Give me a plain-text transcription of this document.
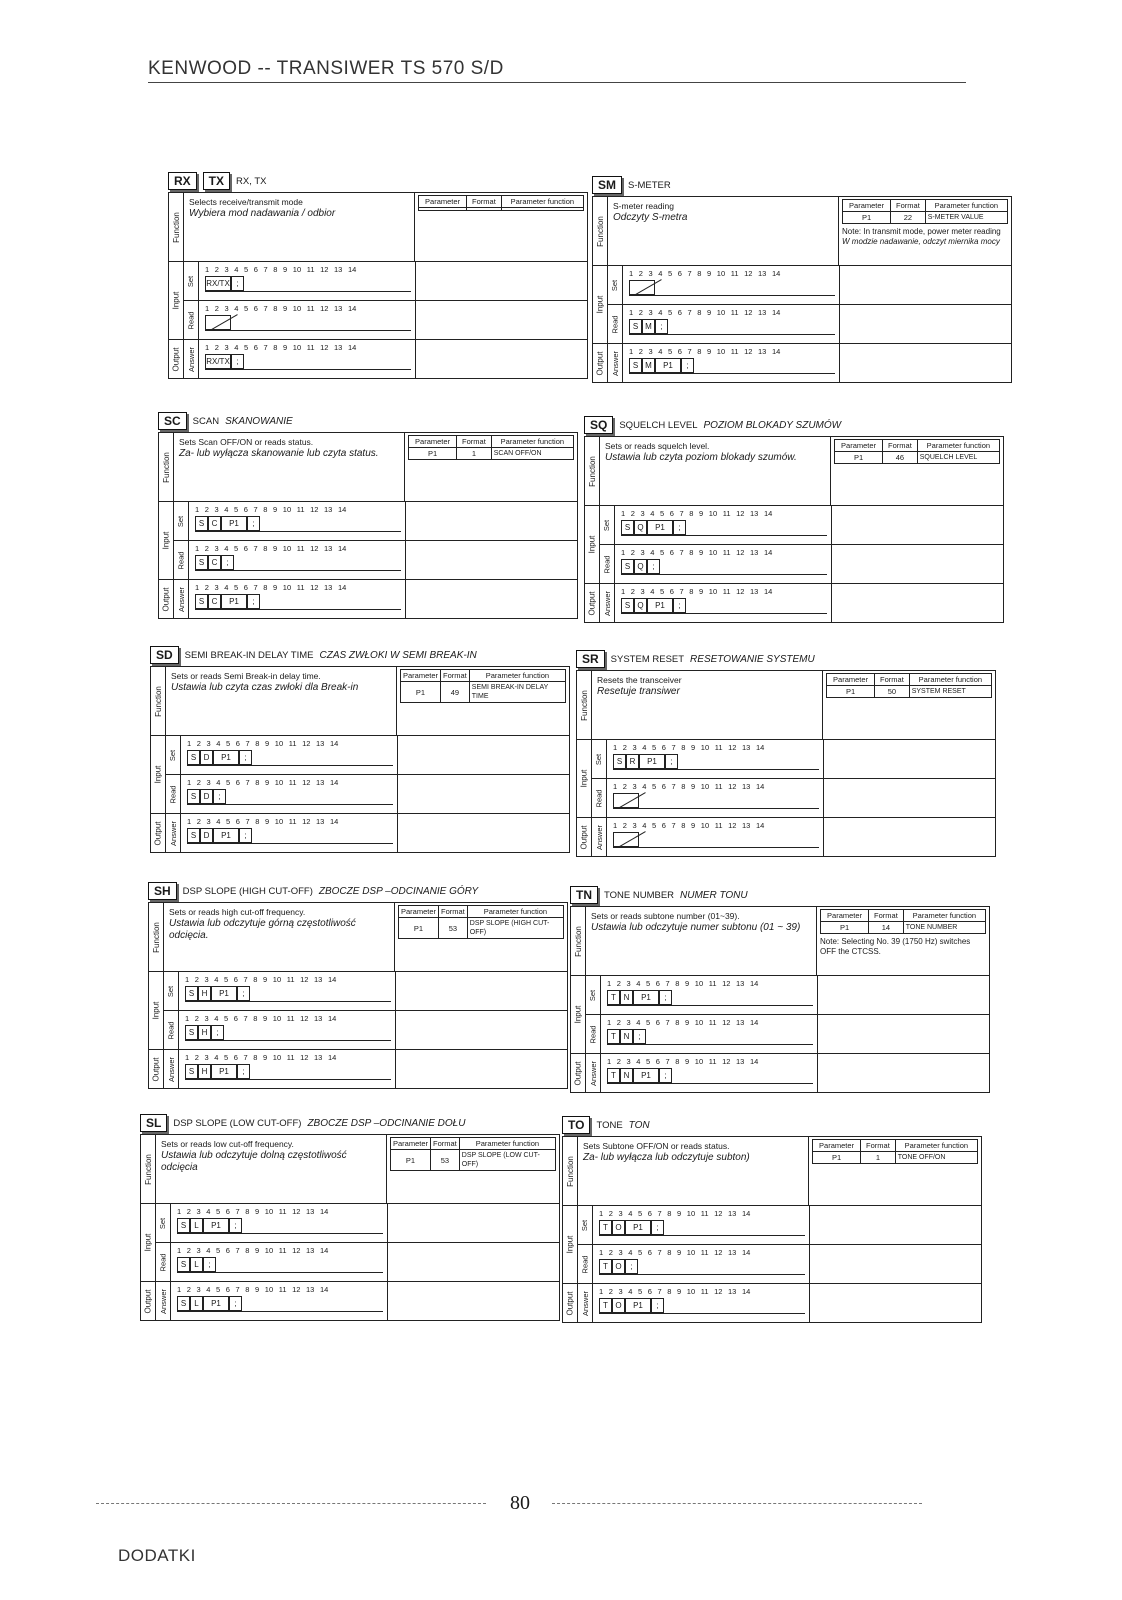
KENWOOD -- TRANSIWER TS 570 S/D
RX	TX	RX, TX
Function
Selects receive/transmit mode
Wybiera mod nadawania / odbior
Parameter	Format	Parameter function

Input
Set
1 2 3 4 5 6 7 8 9 10 11 12 13 14
RX/TX ;
Read
1 2 3 4 5 6 7 8 9 10 11 12 13 14
Output Answer 1 2 3 4 5 6 7 8 9 10 11 12 13 14
RX/TX ;
SM	S-METER
Function
S-meter reading
Odczyty S-metra
Parameter	Format	Parameter function
P1	22	S-METER VALUE
Note: In transmit mode, power meter reading
W modzie nadawanie, odczyt miernika mocy
Input
Set
1 2 3 4 5 6 7 8 9 10 11 12 13 14
Read
1 2 3 4 5 6 7 8 9 10 11 12 13 14
S M	;
Output Answer 1 2 3 4 5 6 7 8 9 10 11 12 13 14
S M	P1	;
SC	SCAN SKANOWANIE
Function
Sets Scan OFF/ON or reads status.
Za- lub wyłącza skanowanie lub czyta status.
Parameter	Format	Parameter function
P1	1	SCAN OFF/ON
Input
Set
1 2 3 4 5 6 7 8 9 10 11 12 13 14
S C	P1	;
Read
1 2 3 4 5 6 7 8 9 10 11 12 13 14
S C	;
Output Answer 1 2 3 4 5 6 7 8 9 10 11 12 13 14
S C	P1	;
SQ	SQUELCH LEVEL POZIOM BLOKADY SZUMÓW
Function
Sets or reads squelch level.
Ustawia lub czyta poziom blokady szumów.
Parameter	Format	Parameter function
P1	46	SQUELCH LEVEL
Input
Set
1 2 3 4 5 6 7 8 9 10 11 12 13 14
S Q	P1	;
Read
1 2 3 4 5 6 7 8 9 10 11 12 13 14
S Q	;
Output Answer 1 2 3 4 5 6 7 8 9 10 11 12 13 14
S Q	P1	;
SD	SEMI BREAK-IN DELAY TIME CZAS ZWŁOKI W SEMI BREAK-IN
Function
Sets or reads Semi Break-in delay time.
Ustawia lub czyta czas zwłoki dla Break-in
Parameter	Format	Parameter function
P1	49	SEMI BREAK-IN DELAY TIME
Input
Set
1 2 3 4 5 6 7 8 9 10 11 12 13 14
S D	P1	;
Read
1 2 3 4 5 6 7 8 9 10 11 12 13 14
S D	;
Output Answer 1 2 3 4 5 6 7 8 9 10 11 12 13 14
S D	P1	;
SR	SYSTEM RESET RESETOWANIE SYSTEMU
Function
Resets the transceiver
Resetuje transiwer
Parameter	Format	Parameter function
P1	50	SYSTEM RESET
Input
Set
1 2 3 4 5 6 7 8 9 10 11 12 13 14
S R	P1	;
Read
1 2 3 4 5 6 7 8 9 10 11 12 13 14
Output Answer 1 2 3 4 5 6 7 8 9 10 11 12 13 14
SH	DSP SLOPE (HIGH CUT-OFF) ZBOCZE DSP –ODCINANIE GÓRY
Function
Sets or reads high cut-off frequency.
Ustawia lub odczytuje górną częstotliwość odcięcia.
Parameter	Format	Parameter function
P1	53	DSP SLOPE (HIGH CUT-OFF)
Input
Set
1 2 3 4 5 6 7 8 9 10 11 12 13 14
S H	P1	;
Read
1 2 3 4 5 6 7 8 9 10 11 12 13 14
S H	;
Output Answer 1 2 3 4 5 6 7 8 9 10 11 12 13 14
S H	P1	;
TN	TONE NUMBER NUMER TONU
Function
Sets or reads subtone number (01~39).
Ustawia lub odczytuje numer subtonu (01 ~ 39)
Parameter	Format	Parameter function
P1	14	TONE NUMBER
Note: Selecting No. 39 (1750 Hz) switches OFF the CTCSS.
Input
Set
1 2 3 4 5 6 7 8 9 10 11 12 13 14
T N	P1	;
Read
1 2 3 4 5 6 7 8 9 10 11 12 13 14
T N	;
Output Answer 1 2 3 4 5 6 7 8 9 10 11 12 13 14
T N	P1	;
SL	DSP SLOPE (LOW CUT-OFF) ZBOCZE DSP –ODCINANIE DOŁU
Function
Sets or reads low cut-off frequency.
Ustawia lub odczytuje dolną częstotliwość odcięcia
Parameter	Format	Parameter function
P1	53	DSP SLOPE (LOW CUT-OFF)
Input
Set
1 2 3 4 5 6 7 8 9 10 11 12 13 14
S	L	P1	;
Read
1 2 3 4 5 6 7 8 9 10 11 12 13 14
S	L	;
Output Answer 1 2 3 4 5 6 7 8 9 10 11 12 13 14
S	L	P1	;
TO	TONE TON
Function
Sets Subtone OFF/ON or reads status.
Za- lub wyłącza lub odczytuje subton)
Parameter	Format	Parameter function
P1	1	TONE OFF/ON
Input
Set
1 2 3 4 5 6 7 8 9 10 11 12 13 14
T O	P1	;
Read
1 2 3 4 5 6 7 8 9 10 11 12 13 14
T O	;
Output Answer 1 2 3 4 5 6 7 8 9 10 11 12 13 14
T O	P1	;
80
DODATKI
